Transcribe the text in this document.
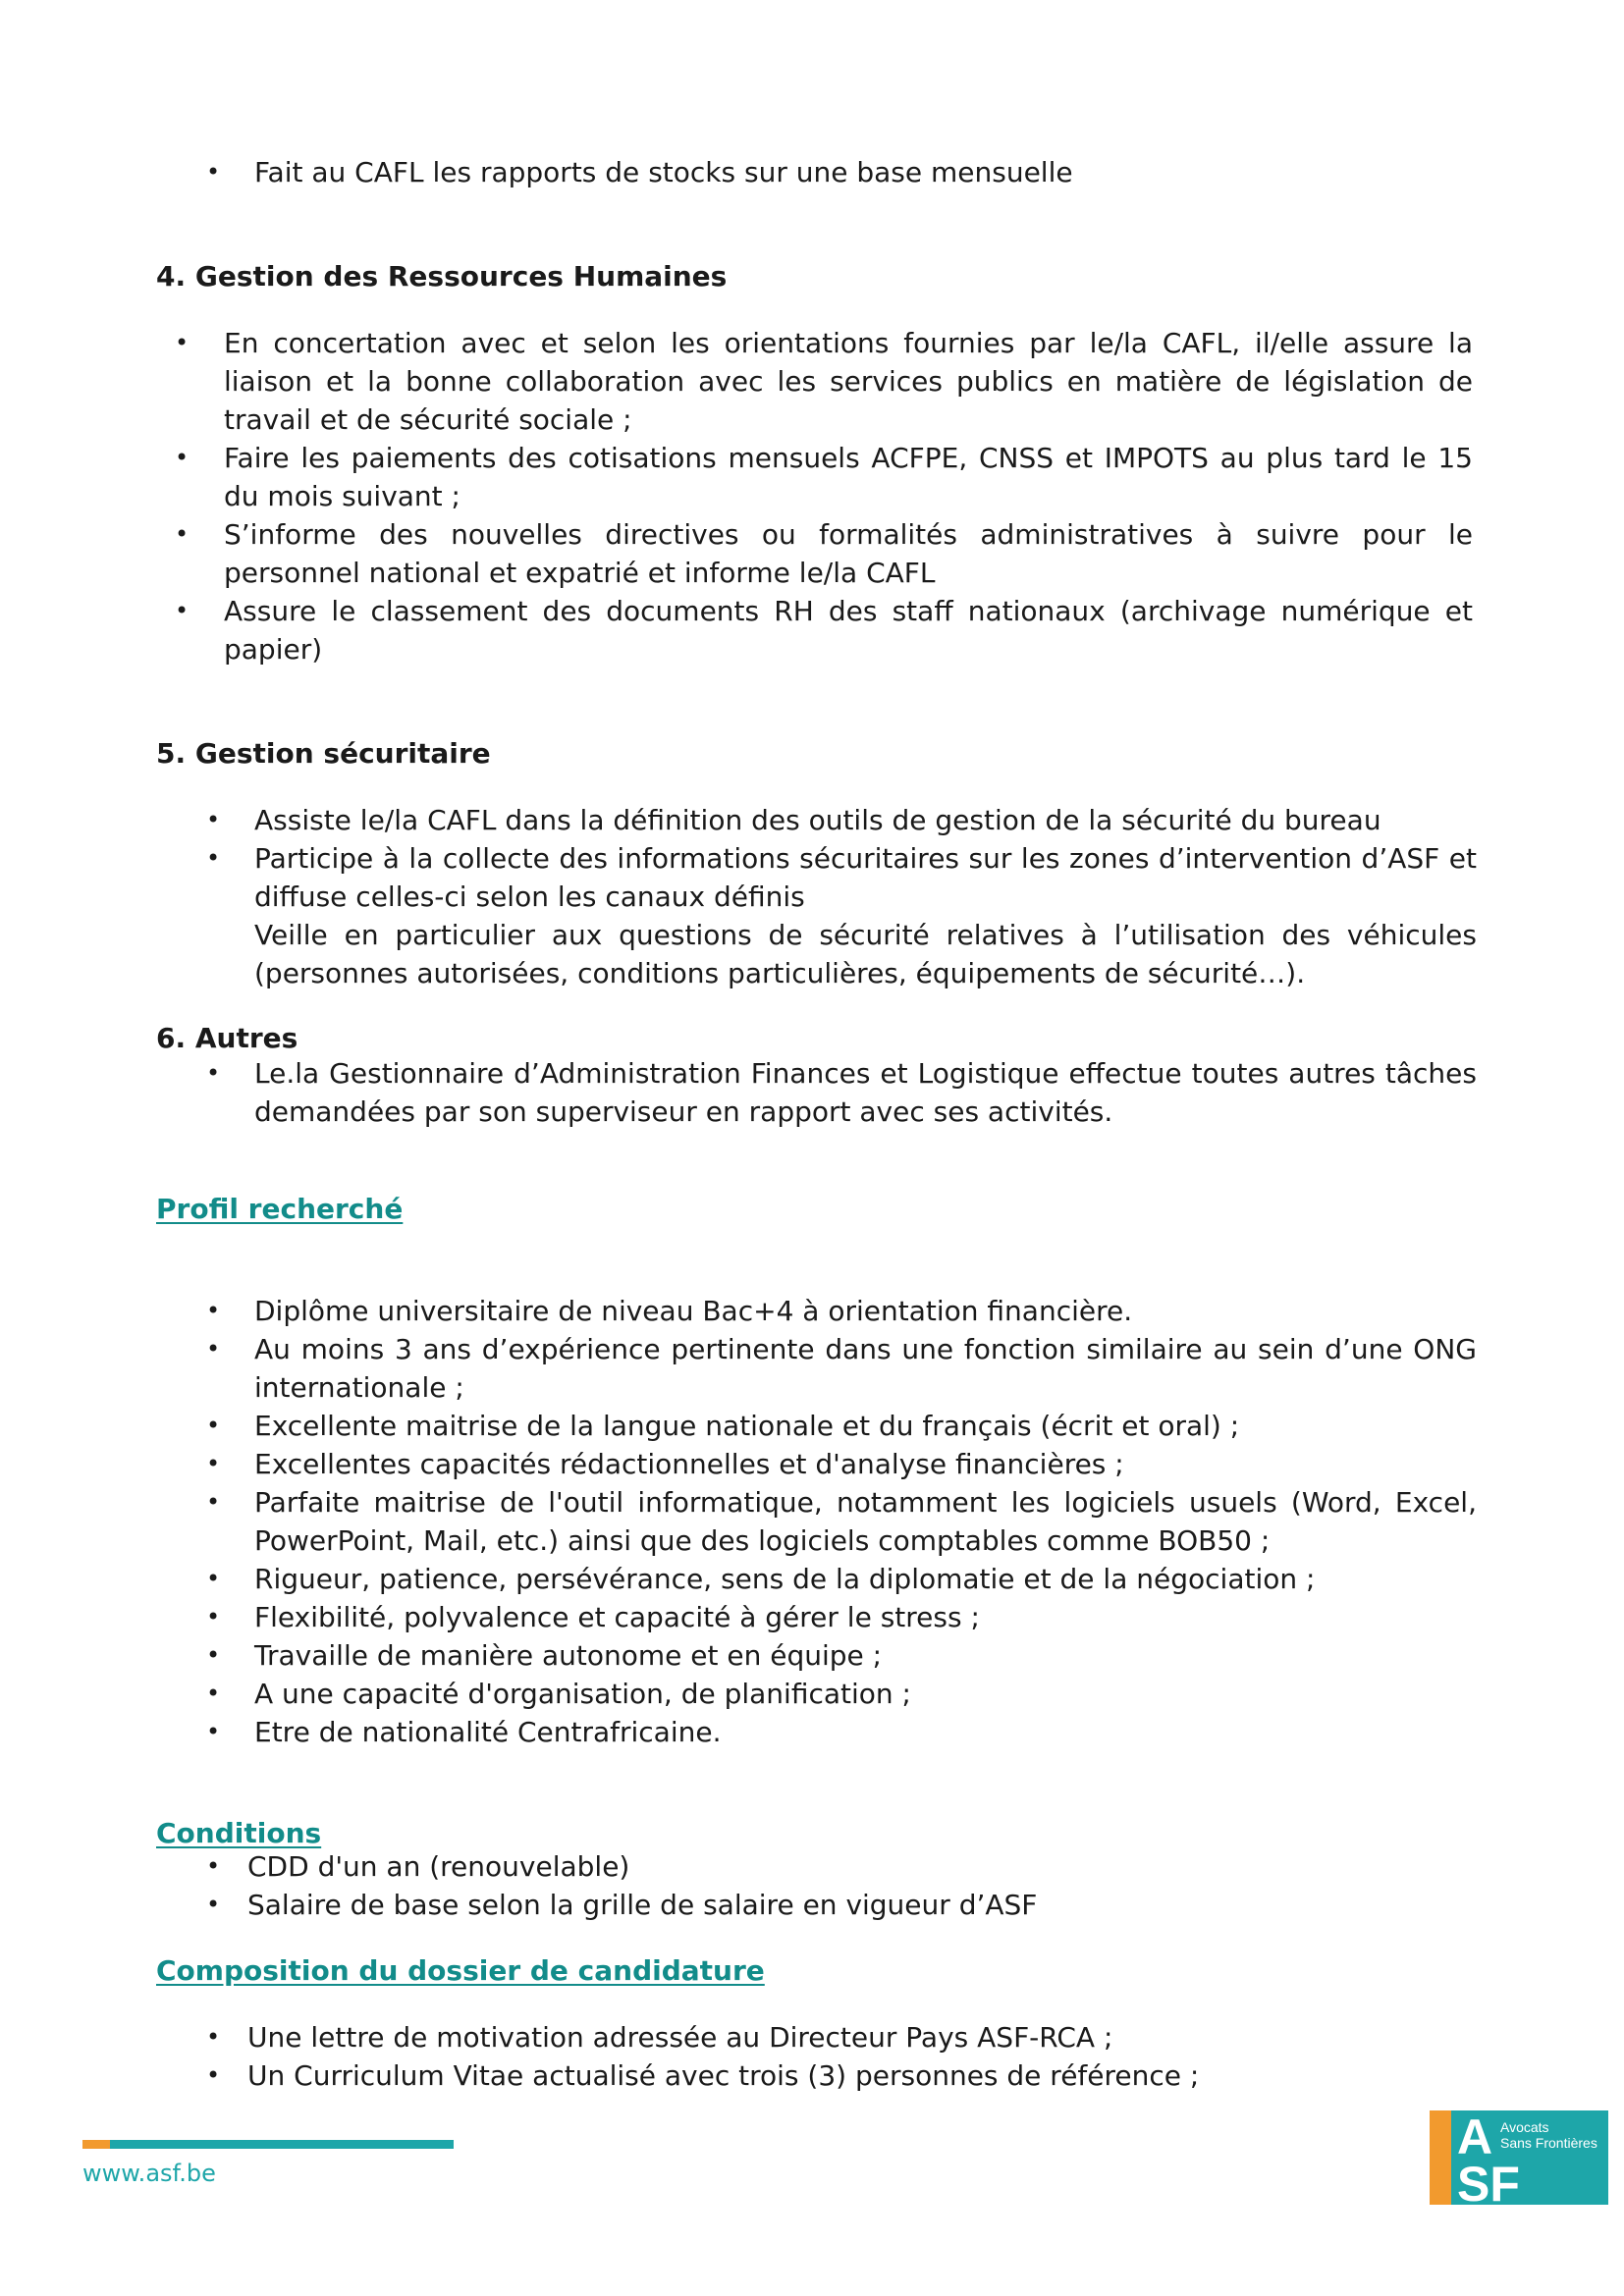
• Fait au CAFL les rapports de stocks sur une base mensuelle
4. Gestion des Ressources Humaines
• En concertation avec et selon les orientations fournies par le/la CAFL, il/elle assure la liaison et la bonne collaboration avec les services publics en matière de législation de travail et de sécurité sociale ;
• Faire les paiements des cotisations mensuels ACFPE, CNSS et IMPOTS au plus tard le 15 du mois suivant ;
• S’informe des nouvelles directives ou formalités administratives à suivre pour le personnel national et expatrié et informe le/la CAFL
• Assure le classement des documents RH des staff nationaux (archivage numérique et papier)
5. Gestion sécuritaire
• Assiste le/la CAFL dans la définition des outils de gestion de la sécurité du bureau
• Participe à la collecte des informations sécuritaires sur les zones d’intervention d’ASF et diffuse celles-ci selon les canaux définis
Veille en particulier aux questions de sécurité relatives à l’utilisation des véhicules (personnes autorisées, conditions particulières, équipements de sécurité…).
6. Autres
• Le.la Gestionnaire d’Administration Finances et Logistique effectue toutes autres tâches demandées par son superviseur en rapport avec ses activités.
Profil recherché
• Diplôme universitaire de niveau Bac+4 à orientation financière.
• Au moins 3 ans d’expérience pertinente dans une fonction similaire au sein d’une ONG internationale ;
• Excellente maitrise de la langue nationale et du français (écrit et oral) ;
• Excellentes capacités rédactionnelles et d'analyse financières ;
• Parfaite maitrise de l'outil informatique, notamment les logiciels usuels (Word, Excel, PowerPoint, Mail, etc.) ainsi que des logiciels comptables comme BOB50 ;
• Rigueur, patience, persévérance, sens de la diplomatie et de la négociation ;
• Flexibilité, polyvalence et capacité à gérer le stress ;
• Travaille de manière autonome et en équipe ;
• A une capacité d'organisation, de planification ;
• Etre de nationalité Centrafricaine.
Conditions
• CDD d'un an (renouvelable)
• Salaire de base selon la grille de salaire en vigueur d’ASF
Composition du dossier de candidature
• Une lettre de motivation adressée au Directeur Pays ASF-RCA ;
• Un Curriculum Vitae actualisé avec trois (3) personnes de référence ;
www.asf.be
A
SF
Avocats
Sans Frontières
